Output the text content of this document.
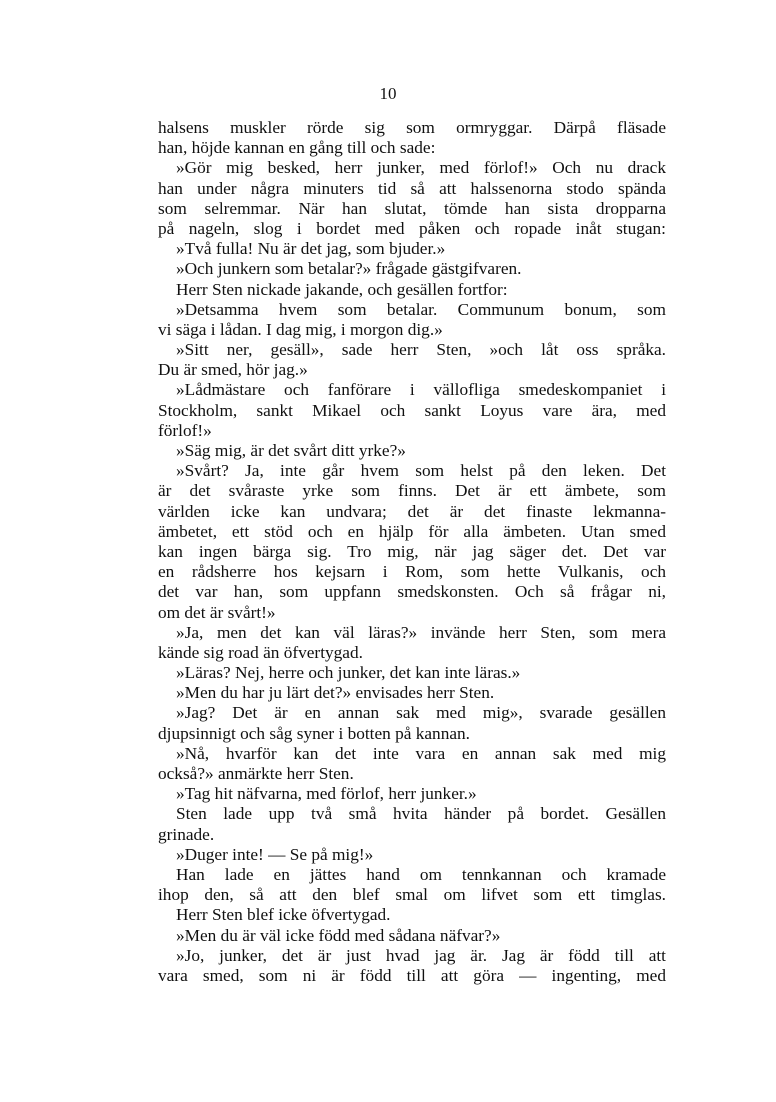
10
halsens muskler rörde sig som ormryggar. Därpå fläsade
han, höjde kannan en gång till och sade:
»Gör mig besked, herr junker, med förlof!» Och nu drack
han under några minuters tid så att halssenorna stodo spända
som selremmar. När han slutat, tömde han sista dropparna
på nageln, slog i bordet med påken och ropade inåt stugan:
»Två fulla! Nu är det jag, som bjuder.»
»Och junkern som betalar?» frågade gästgifvaren.
Herr Sten nickade jakande, och gesällen fortfor:
»Detsamma hvem som betalar. Communum bonum, som
vi säga i lådan. I dag mig, i morgon dig.»
»Sitt ner, gesäll», sade herr Sten, »och låt oss språka.
Du är smed, hör jag.»
»Lådmästare och fanförare i vällofliga smedeskompaniet i
Stockholm, sankt Mikael och sankt Loyus vare ära, med
förlof!»
»Säg mig, är det svårt ditt yrke?»
»Svårt? Ja, inte går hvem som helst på den leken. Det
är det svåraste yrke som finns. Det är ett ämbete, som
världen icke kan undvara; det är det finaste lekmanna-
ämbetet, ett stöd och en hjälp för alla ämbeten. Utan smed
kan ingen bärga sig. Tro mig, när jag säger det. Det var
en rådsherre hos kejsarn i Rom, som hette Vulkanis, och
det var han, som uppfann smedskonsten. Och så frågar ni,
om det är svårt!»
»Ja, men det kan väl läras?» invände herr Sten, som mera
kände sig road än öfvertygad.
»Läras? Nej, herre och junker, det kan inte läras.»
»Men du har ju lärt det?» envisades herr Sten.
»Jag? Det är en annan sak med mig», svarade gesällen
djupsinnigt och såg syner i botten på kannan.
»Nå, hvarför kan det inte vara en annan sak med mig
också?» anmärkte herr Sten.
»Tag hit näfvarna, med förlof, herr junker.»
Sten lade upp två små hvita händer på bordet. Gesällen
grinade.
»Duger inte! — Se på mig!»
Han lade en jättes hand om tennkannan och kramade
ihop den, så att den blef smal om lifvet som ett timglas.
Herr Sten blef icke öfvertygad.
»Men du är väl icke född med sådana näfvar?»
»Jo, junker, det är just hvad jag är. Jag är född till att
vara smed, som ni är född till att göra — ingenting, med
